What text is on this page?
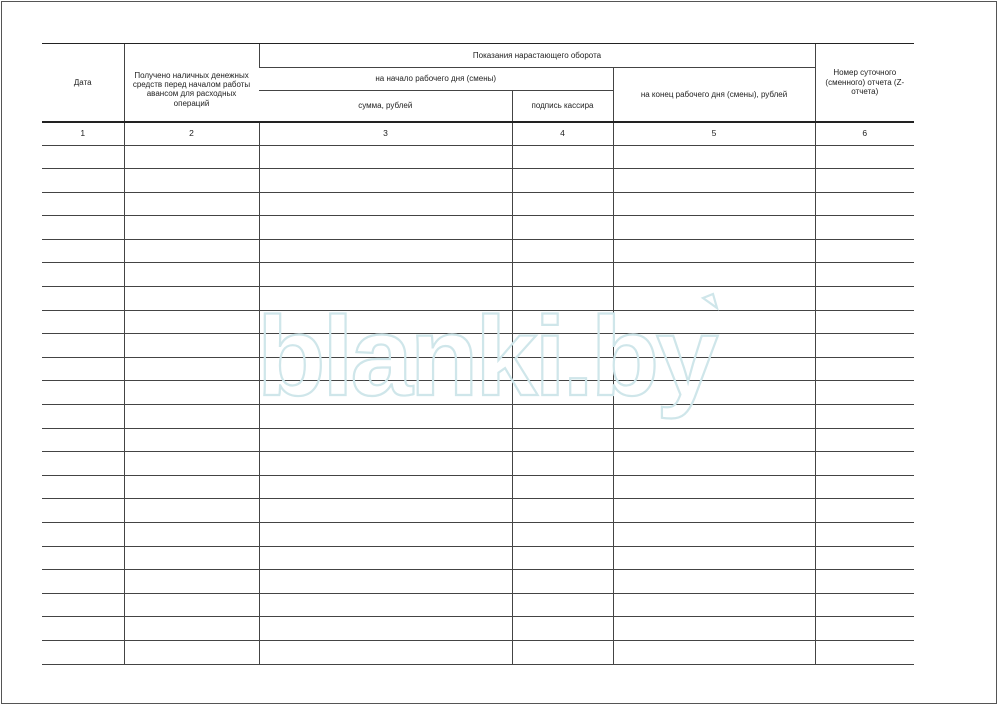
Дата	Получено наличных денежных средств перед началом работы авансом для расходных операций	Показания нарастающего оборота			Номер суточного (сменного) отчета (Z-отчета)
		на начало рабочего дня (смены)		на конец рабочего дня (смены), рублей	
		сумма, рублей	подпись кассира		
1	2	3	4	5	6

blanki.by
